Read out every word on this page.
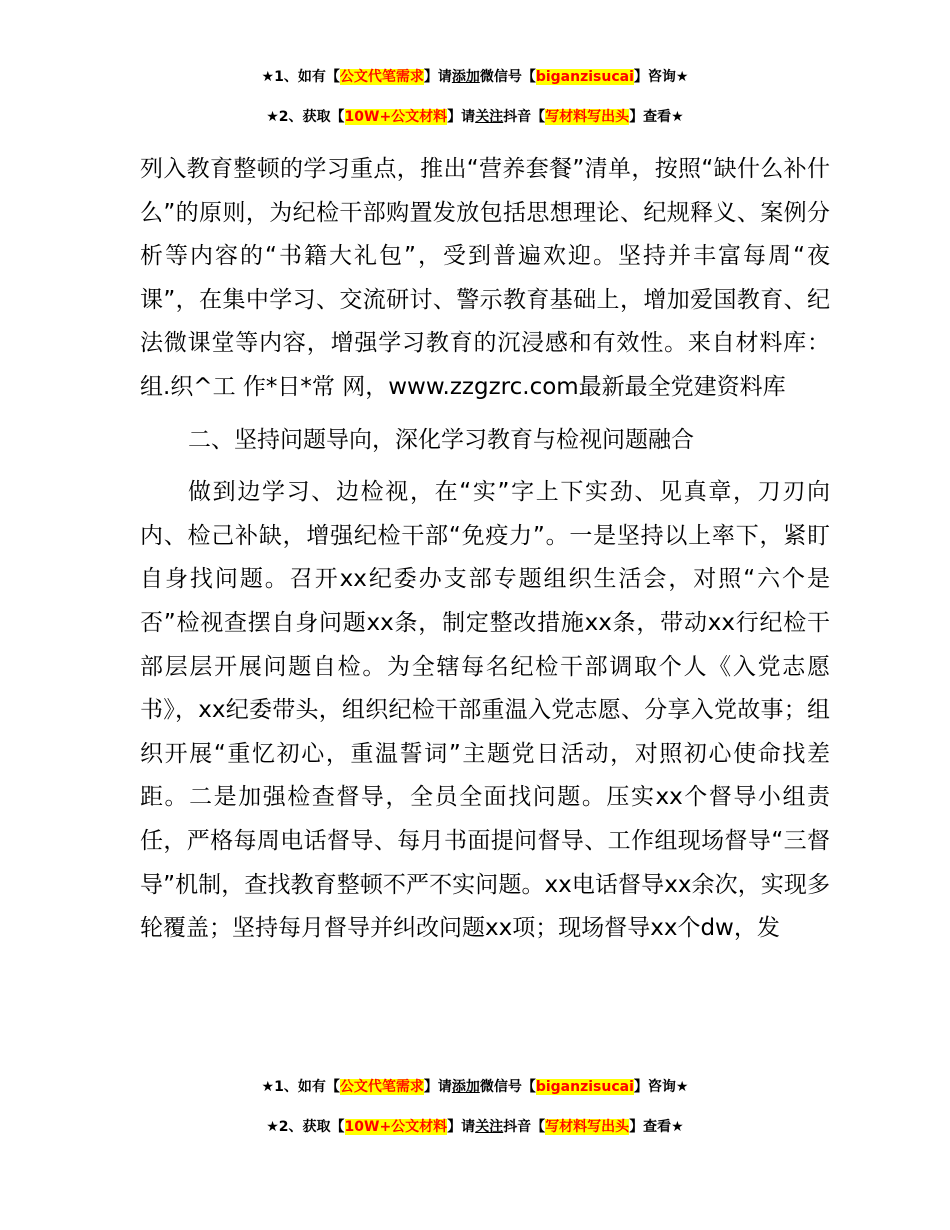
★1、如有【公文代笔需求】请添加微信号【biganzisucai】咨询★
★2、获取【10W+公文材料】请关注抖音【写材料写出头】查看★

列入教育整顿的学习重点，推出“营养套餐”清单，按照“缺什么补什么”的原则，为纪检干部购置发放包括思想理论、纪规释义、案例分析等内容的“书籍大礼包”，受到普遍欢迎。坚持并丰富每周“夜课”，在集中学习、交流研讨、警示教育基础上，增加爱国教育、纪法微课堂等内容，增强学习教育的沉浸感和有效性。来自材料库：组.织^工 作*日*常 网，www.zzgzrc.com最新最全党建资料库

二、坚持问题导向，深化学习教育与检视问题融合

做到边学习、边检视，在“实”字上下实劲、见真章，刀刃向内、检己补缺，增强纪检干部“免疫力”。一是坚持以上率下，紧盯自身找问题。召开xx纪委办支部专题组织生活会，对照“六个是否”检视查摆自身问题xx条，制定整改措施xx条，带动xx行纪检干部层层开展问题自检。为全辖每名纪检干部调取个人《入党志愿书》，xx纪委带头，组织纪检干部重温入党志愿、分享入党故事；组织开展“重忆初心，重温誓词”主题党日活动，对照初心使命找差距。二是加强检查督导，全员全面找问题。压实xx个督导小组责任，严格每周电话督导、每月书面提问督导、工作组现场督导“三督导”机制，查找教育整顿不严不实问题。xx电话督导xx余次，实现多轮覆盖；坚持每月督导并纠改问题xx项；现场督导xx个dw，发

★1、如有【公文代笔需求】请添加微信号【biganzisucai】咨询★
★2、获取【10W+公文材料】请关注抖音【写材料写出头】查看★
